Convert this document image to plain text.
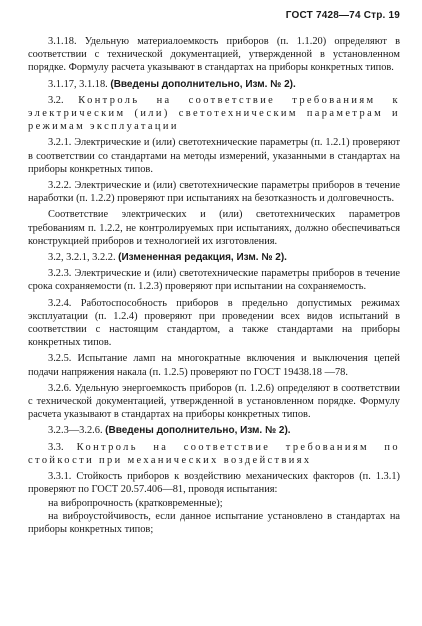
ГОСТ 7428—74 Стр. 19

3.1.18. Удельную материалоемкость приборов (п. 1.1.20) определяют в соответствии с технической документацией, утвержденной в установленном порядке. Формулу расчета указывают в стандартах на приборы конкретных типов.

3.1.17, 3.1.18. (Введены дополнительно, Изм. № 2).

3.2. Контроль на соответствие требованиям к электрическим (или) светотехническим параметрам и режимам эксплуатации

3.2.1. Электрические и (или) светотехнические параметры (п. 1.2.1) проверяют в соответствии со стандартами на методы измерений, указанными в стандартах на приборы конкретных типов.

3.2.2. Электрические и (или) светотехнические параметры приборов в течение наработки (п. 1.2.2) проверяют при испытаниях на безотказность и долговечность.

Соответствие электрических и (или) светотехнических параметров требованиям п. 1.2.2, не контролируемых при испытаниях, должно обеспечиваться конструкцией приборов и технологией их изготовления.

3.2, 3.2.1, 3.2.2. (Измененная редакция, Изм. № 2).

3.2.3. Электрические и (или) светотехнические параметры приборов в течение срока сохраняемости (п. 1.2.3) проверяют при испытании на сохраняемость.

3.2.4. Работоспособность приборов в предельно допустимых режимах эксплуатации (п. 1.2.4) проверяют при проведении всех видов испытаний в соответствии с настоящим стандартом, а также стандартами на приборы конкретных типов.

3.2.5. Испытание ламп на многократные включения и выключения цепей подачи напряжения накала (п. 1.2.5) проверяют по ГОСТ 19438.18 —78.

3.2.6. Удельную энергоемкость приборов (п. 1.2.6) определяют в соответствии с технической документацией, утвержденной в установленном порядке. Формулу расчета указывают в стандартах на приборы конкретных типов.

3.2.3—3.2.6. (Введены дополнительно, Изм. № 2).

3.3. Контроль на соответствие требованиям по стойкости при механических воздействиях

3.3.1. Стойкость приборов к воздействию механических факторов (п. 1.3.1) проверяют по ГОСТ 20.57.406—81, проводя испытания:

на вибропрочность (кратковременные);

на виброустойчивость, если данное испытание установлено в стандартах на приборы конкретных типов;
